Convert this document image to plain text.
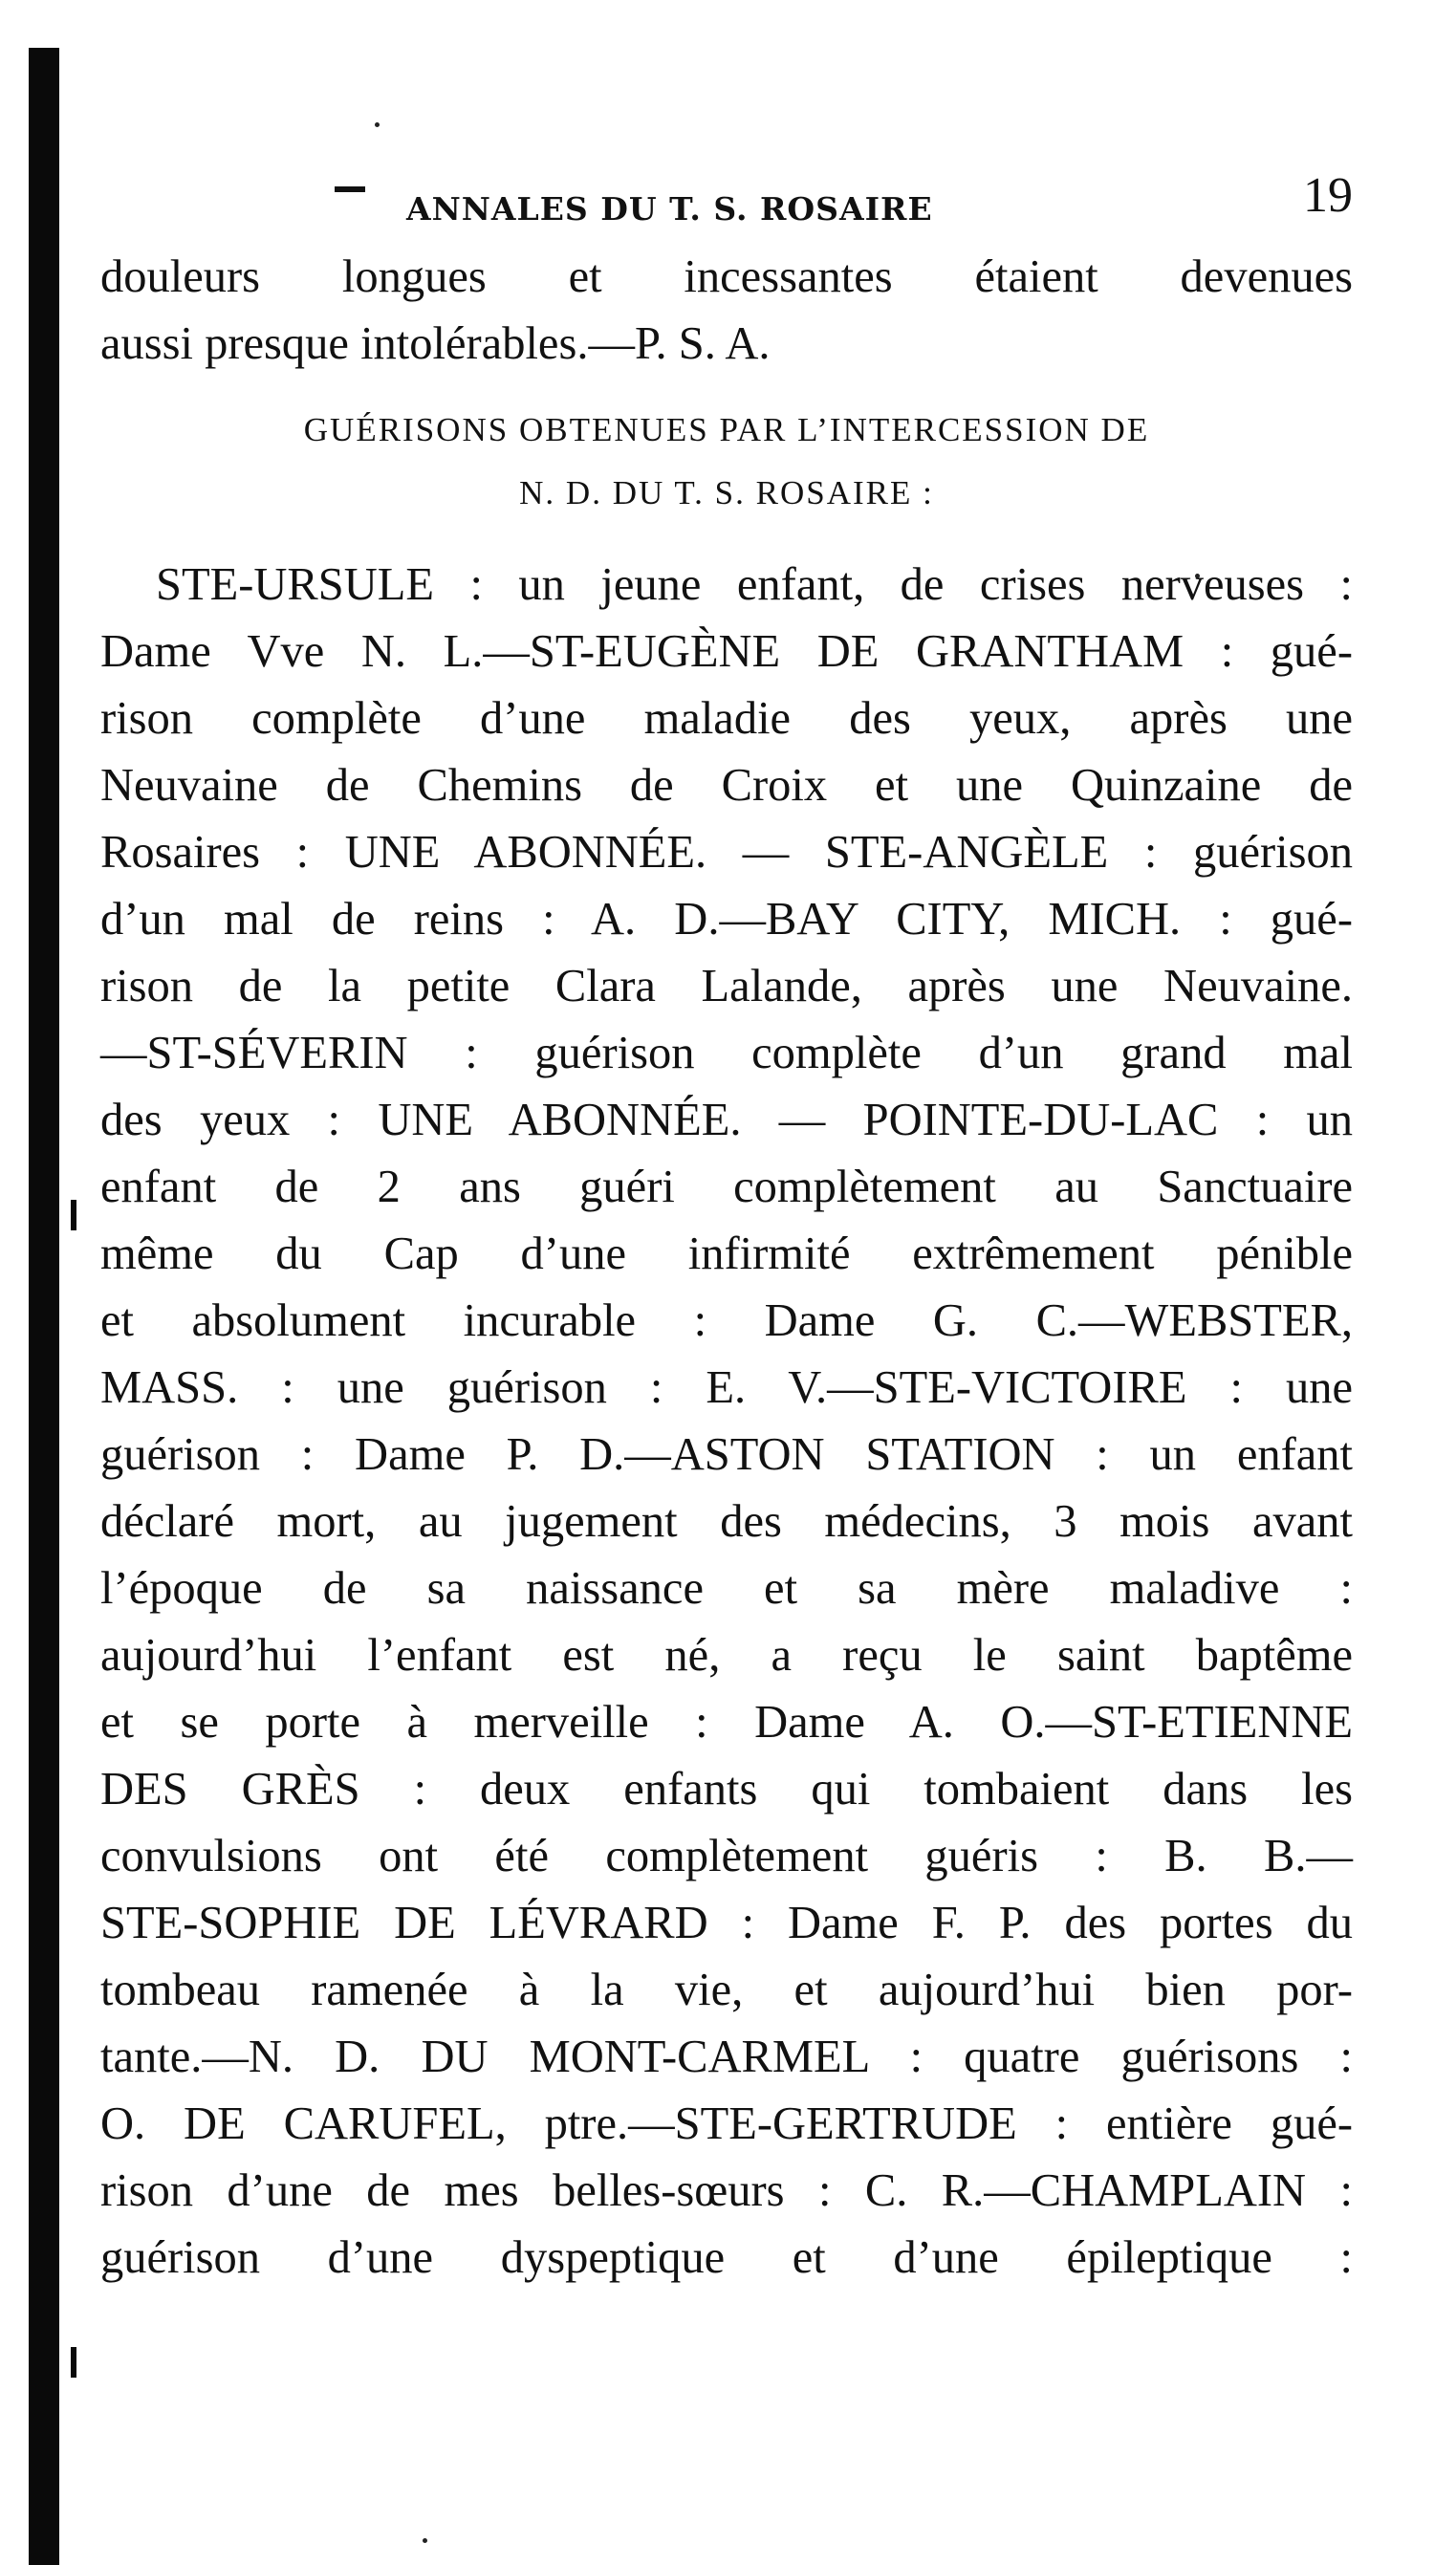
ANNALES DU T. S. ROSAIRE	19
douleurs longues et incessantes étaient devenues
aussi presque intolérables.—P. S. A.
GUÉRISONS OBTENUES PAR L’INTERCESSION DE
N. D. DU T. S. ROSAIRE :
STE-URSULE : un jeune enfant, de crises nerveuses :
Dame Vve N. L.—ST-EUGÈNE DE GRANTHAM : gué-
rison complète d’une maladie des yeux, après une
Neuvaine de Chemins de Croix et une Quinzaine de
Rosaires : UNE ABONNÉE. — STE-ANGÈLE : guérison
d’un mal de reins : A. D.—BAY CITY, MICH. : gué-
rison de la petite Clara Lalande, après une Neuvaine.
—ST-SÉVERIN : guérison complète d’un grand mal
des yeux : UNE ABONNÉE. — POINTE-DU-LAC : un
enfant de 2 ans guéri complètement au Sanctuaire
même du Cap d’une infirmité extrêmement pénible
et absolument incurable : Dame G. C.—WEBSTER,
MASS. : une guérison : E. V.—STE-VICTOIRE : une
guérison : Dame P. D.—ASTON STATION : un enfant
déclaré mort, au jugement des médecins, 3 mois avant
l’époque de sa naissance et sa mère maladive :
aujourd’hui l’enfant est né, a reçu le saint baptême
et se porte à merveille : Dame A. O.—ST-ETIENNE
DES GRÈS : deux enfants qui tombaient dans les
convulsions ont été complètement guéris : B. B.—
STE-SOPHIE DE LÉVRARD : Dame F. P. des portes du
tombeau ramenée à la vie, et aujourd’hui bien por-
tante.—N. D. DU MONT-CARMEL : quatre guérisons :
O. DE CARUFEL, ptre.—STE-GERTRUDE : entière gué-
rison d’une de mes belles-sœurs : C. R.—CHAMPLAIN :
guérison d’une dyspeptique et d’une épileptique :
